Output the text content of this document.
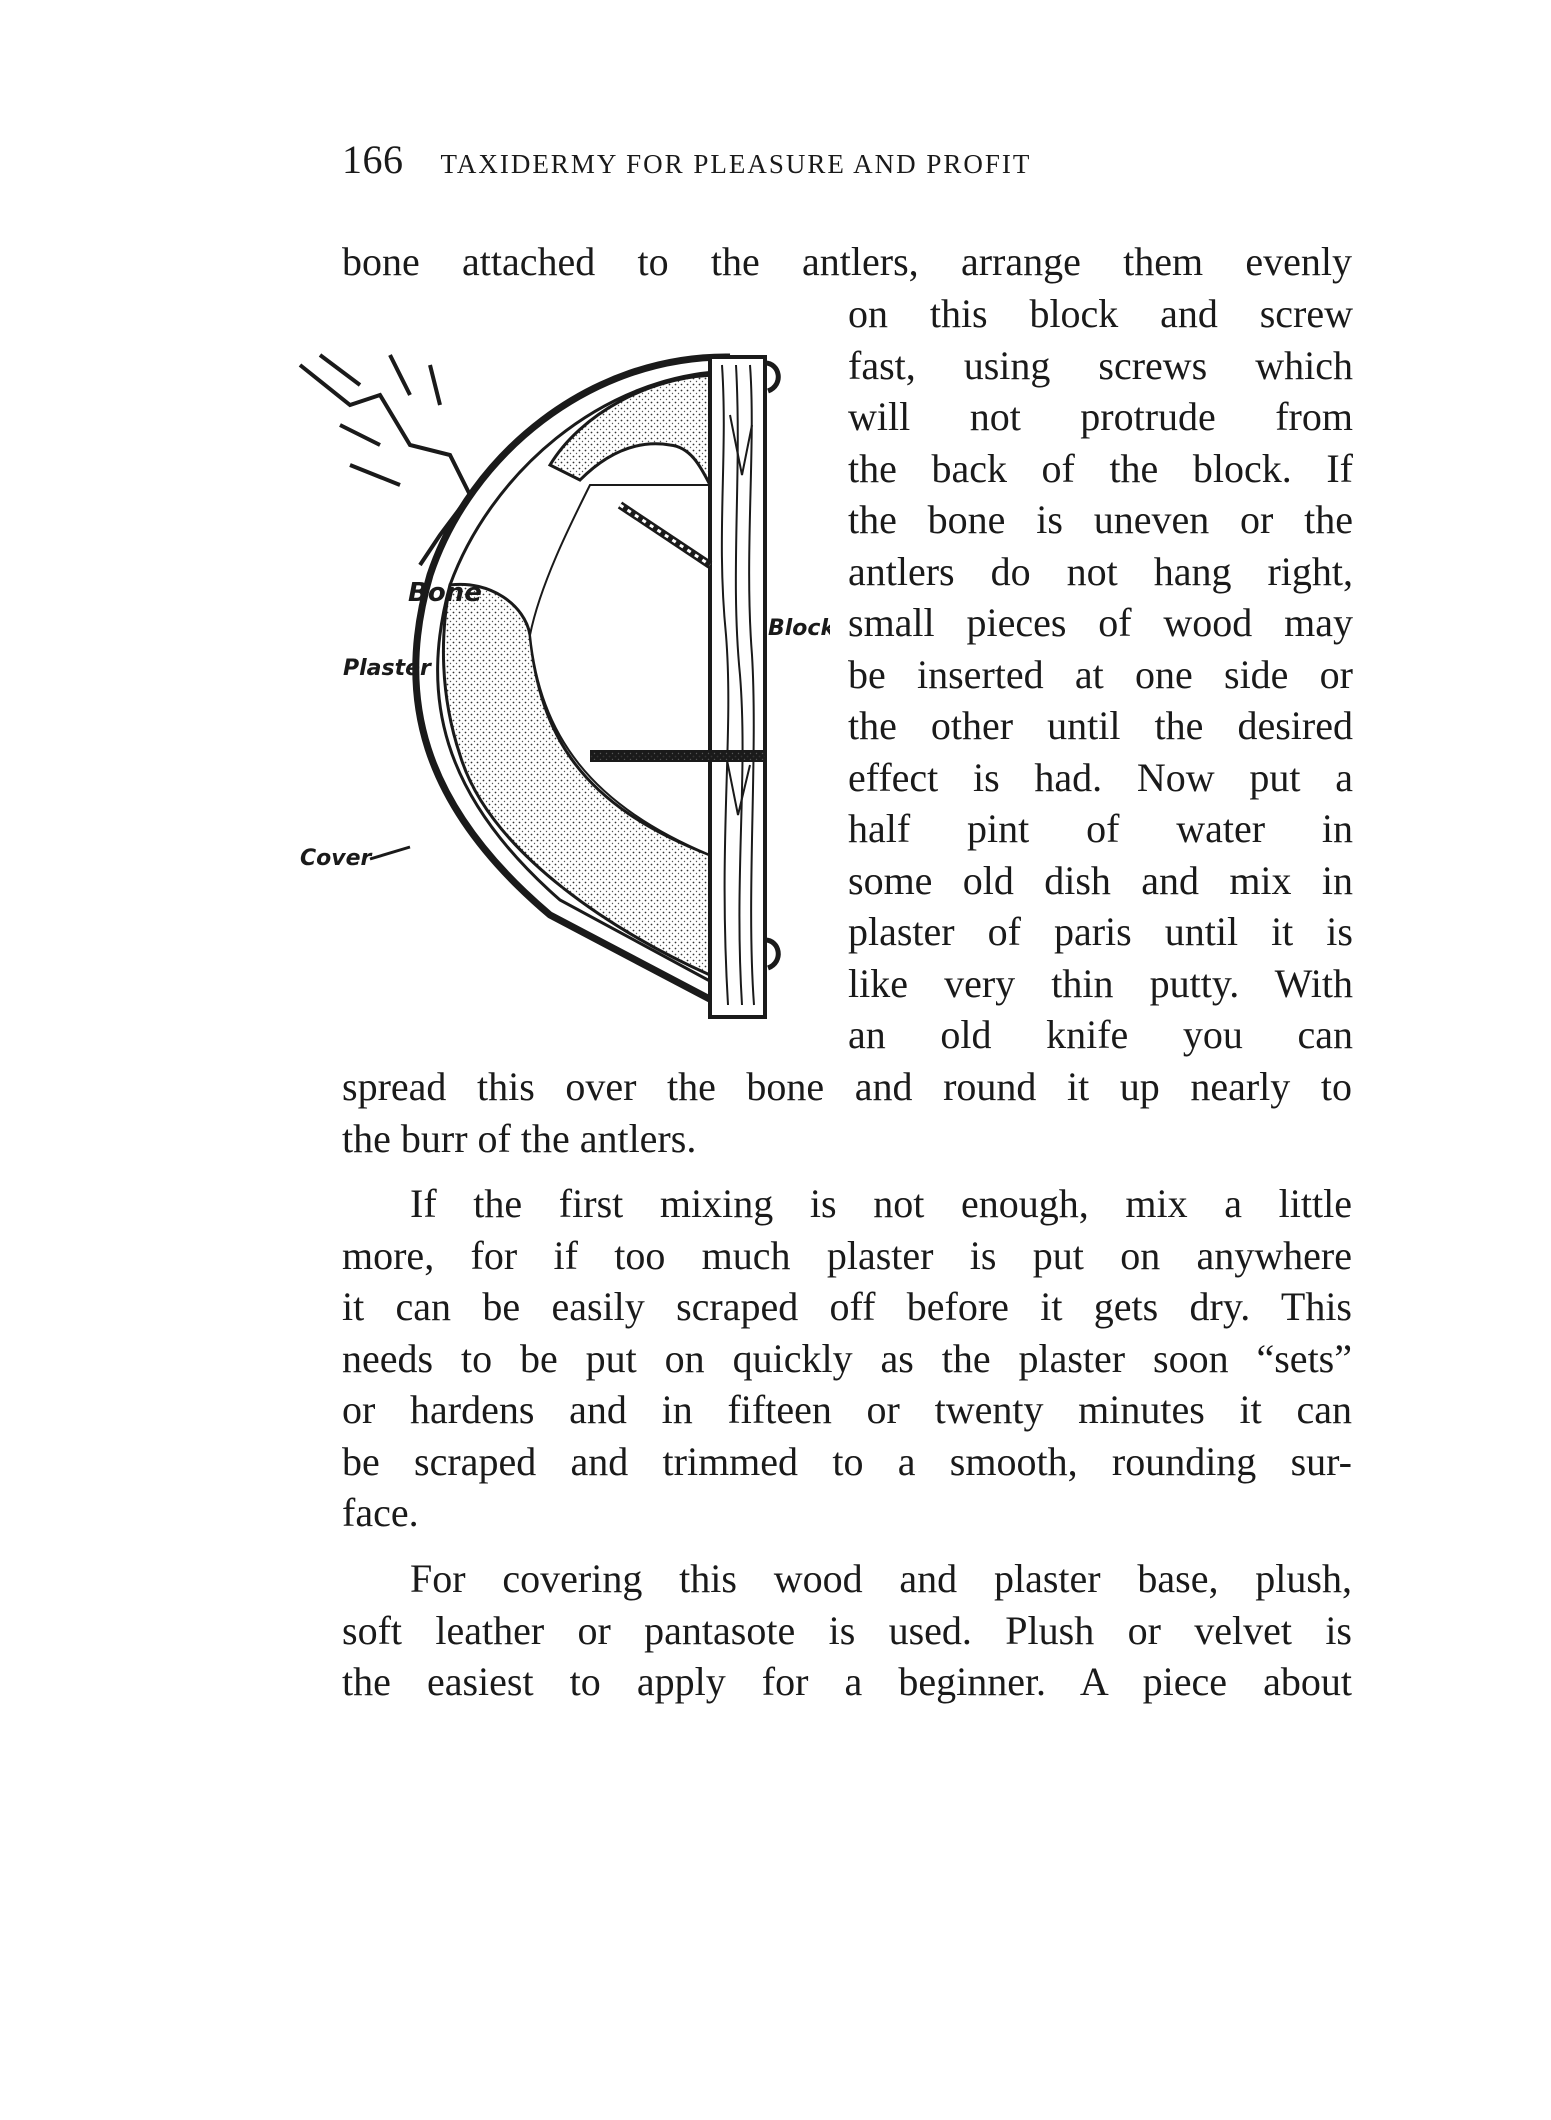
166 TAXIDERMY FOR PLEASURE AND PROFIT
bone attached to the antlers, arrange them evenly
on this block and screw
fast, using screws which
will not protrude from
the back of the block. If
the bone is uneven or the
antlers do not hang right,
small pieces of wood may
be inserted at one side or
the other until the desired
effect is had. Now put a
half pint of water in
some old dish and mix in
plaster of paris until it is
like very thin putty. With
an old knife you can
spread this over the bone and round it up nearly to
the burr of the antlers.
If the first mixing is not enough, mix a little
more, for if too much plaster is put on anywhere
it can be easily scraped off before it gets dry. This
needs to be put on quickly as the plaster soon “sets”
or hardens and in fifteen or twenty minutes it can
be scraped and trimmed to a smooth, rounding sur-
face.
For covering this wood and plaster base, plush,
soft leather or pantasote is used. Plush or velvet is
the easiest to apply for a beginner. A piece about
Bone
Block
Plaster
Cover
